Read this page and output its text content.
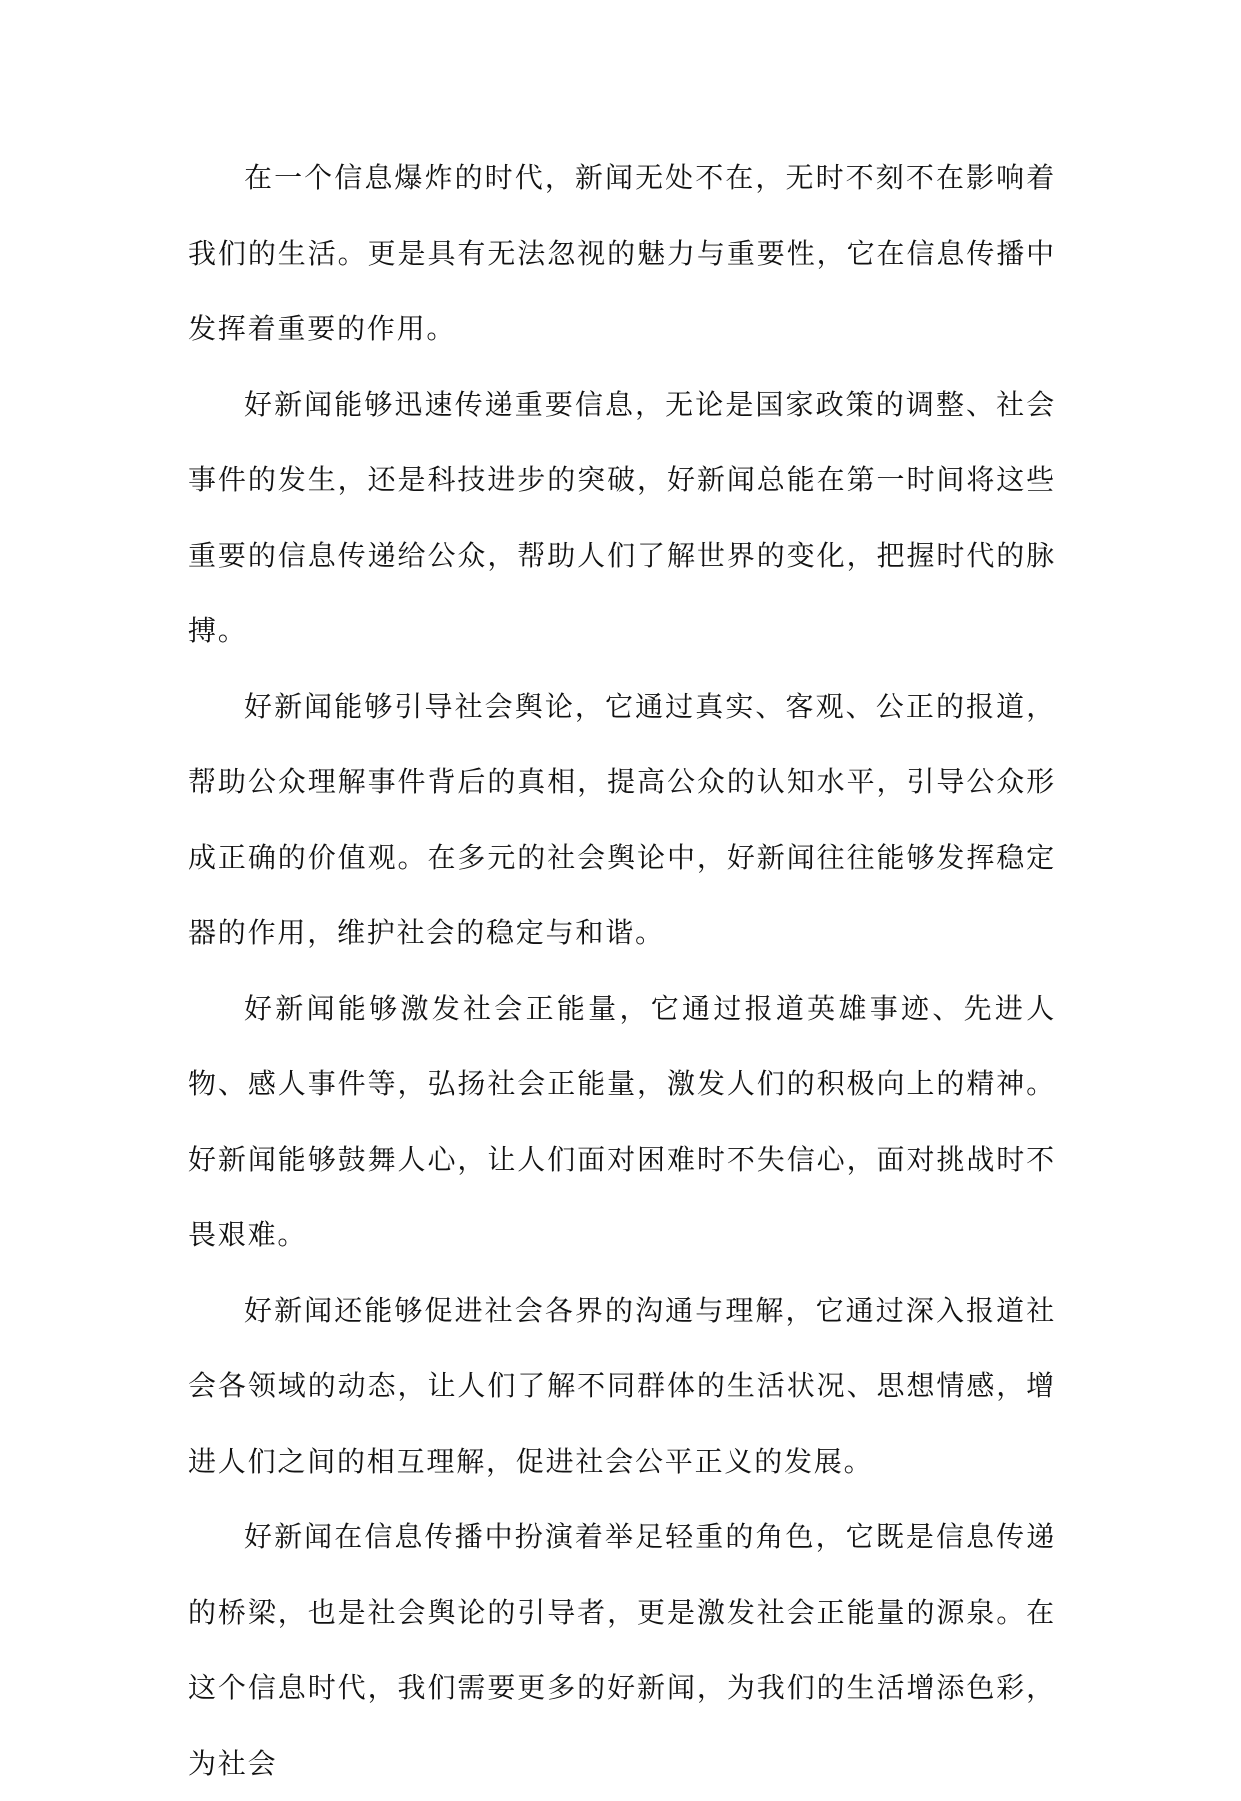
在一个信息爆炸的时代，新闻无处不在，无时不刻不在影响着我们的生活。更是具有无法忽视的魅力与重要性，它在信息传播中发挥着重要的作用。

好新闻能够迅速传递重要信息，无论是国家政策的调整、社会事件的发生，还是科技进步的突破，好新闻总能在第一时间将这些重要的信息传递给公众，帮助人们了解世界的变化，把握时代的脉搏。

好新闻能够引导社会舆论，它通过真实、客观、公正的报道，帮助公众理解事件背后的真相，提高公众的认知水平，引导公众形成正确的价值观。在多元的社会舆论中，好新闻往往能够发挥稳定器的作用，维护社会的稳定与和谐。

好新闻能够激发社会正能量，它通过报道英雄事迹、先进人物、感人事件等，弘扬社会正能量，激发人们的积极向上的精神。好新闻能够鼓舞人心，让人们面对困难时不失信心，面对挑战时不畏艰难。

好新闻还能够促进社会各界的沟通与理解，它通过深入报道社会各领域的动态，让人们了解不同群体的生活状况、思想情感，增进人们之间的相互理解，促进社会公平正义的发展。

好新闻在信息传播中扮演着举足轻重的角色，它既是信息传递的桥梁，也是社会舆论的引导者，更是激发社会正能量的源泉。在这个信息时代，我们需要更多的好新闻，为我们的生活增添色彩，为社会
